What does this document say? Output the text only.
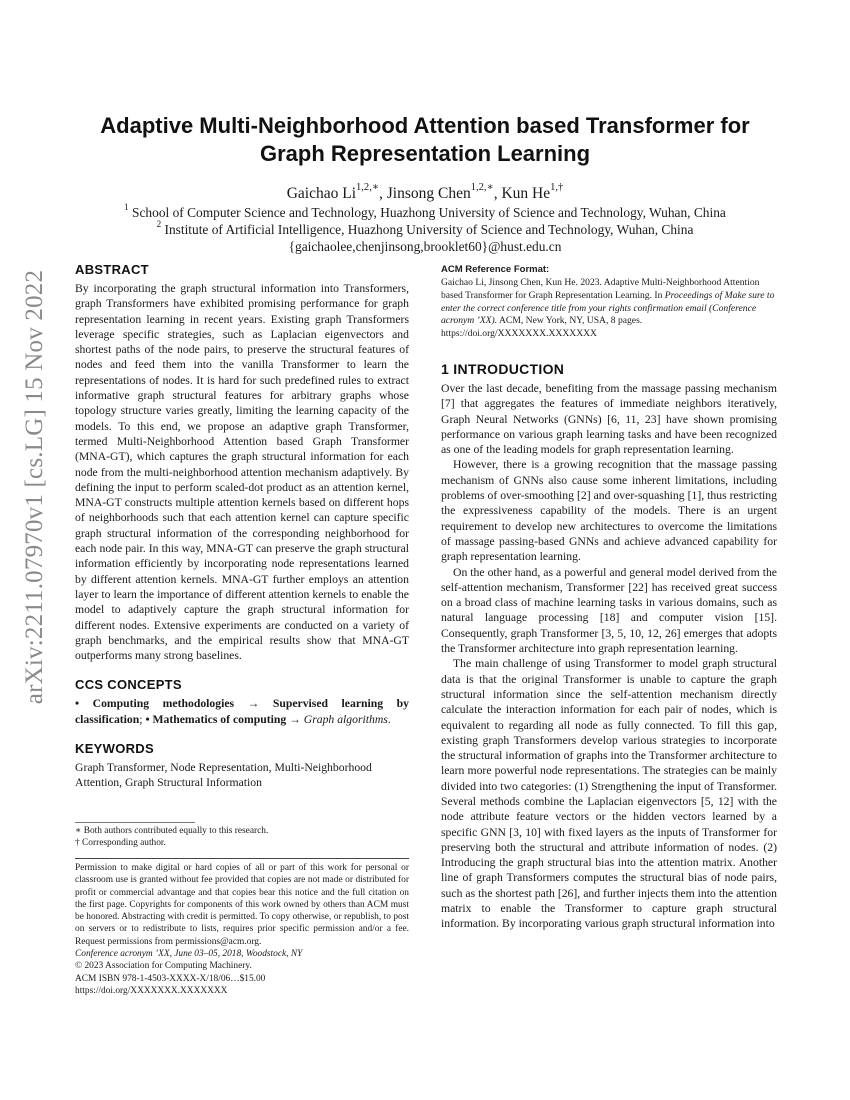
arXiv:2211.07970v1 [cs.LG] 15 Nov 2022
Adaptive Multi-Neighborhood Attention based Transformer for
Graph Representation Learning
Gaichao $Li^{1,2,∗}$, Jinsong Chen$^{1,2,∗}$, Kun $He^{1,\dagger}$
$^1$ School of Computer Science and Technology, Huazhong University of Science and Technology, Wuhan, China
$^2$ Institute of Artificial Intelligence, Huazhong University of Science and Technology, Wuhan, China
{gaichaolee,chenjinsong,brooklet60}@hust.edu.cn
ABSTRACT

By incorporating the graph structural information into Transformers, graph Transformers have exhibited promising performance for graph representation learning in recent years. Existing graph Transformers leverage specific strategies, such as Laplacian eigenvectors and shortest paths of the node pairs, to preserve the structural features of nodes and feed them into the vanilla Transformer to learn the representations of nodes. It is hard for such predefined rules to extract informative graph structural features for arbitrary graphs whose topology structure varies greatly, limiting the learning capacity of the models. To this end, we propose an adaptive graph Transformer, termed Multi-Neighborhood Attention based Graph Transformer (MNA-GT), which captures the graph structural information for each node from the multi-neighborhood attention mechanism adaptively. By defining the input to perform scaled-dot product as an attention kernel, MNA-GT constructs multiple attention kernels based on different hops of neighborhoods such that each attention kernel can capture specific graph structural information of the corresponding neighborhood for each node pair. In this way, MNA-GT can preserve the graph structural information efficiently by incorporating node representations learned by different attention kernels. MNA-GT further employs an attention layer to learn the importance of different attention kernels to enable the model to adaptively capture the graph structural information for different nodes. Extensive experiments are conducted on a variety of graph benchmarks, and the empirical results show that MNA-GT outperforms many strong baselines.

CCS CONCEPTS

• Computing methodologies → Supervised learning by classification; • Mathematics of computing → Graph algorithms.

KEYWORDS

Graph Transformer, Node Representation, Multi-Neighborhood Attention, Graph Structural Information

∗ Both authors contributed equally to this research.

† Corresponding author.

Permission to make digital or hard copies of all or part of this work for personal or classroom use is granted without fee provided that copies are not made or distributed for profit or commercial advantage and that copies bear this notice and the full citation on the first page. Copyrights for components of this work owned by others than ACM must be honored. Abstracting with credit is permitted. To copy otherwise, or republish, to post on servers or to redistribute to lists, requires prior specific permission and/or a fee. Request permissions from permissions@acm.org.

Conference acronym ’XX, June 03–05, 2018, Woodstock, NY

© 2023 Association for Computing Machinery.

ACM ISBN 978-1-4503-XXXX-X/18/06…$15.00

https://doi.org/XXXXXXX.XXXXXXX

ACM Reference Format:

Gaichao Li, Jinsong Chen, Kun He. 2023. Adaptive Multi-Neighborhood Attention based Transformer for Graph Representation Learning. In Proceedings of Make sure to enter the correct conference title from your rights confirmation email (Conference acronym ’XX). ACM, New York, NY, USA, 8 pages. https://doi.org/XXXXXXX.XXXXXXX

1 INTRODUCTION

Over the last decade, benefiting from the massage passing mechanism [7] that aggregates the features of immediate neighbors iteratively, Graph Neural Networks (GNNs) [6, 11, 23] have shown promising performance on various graph learning tasks and have been recognized as one of the leading models for graph representation learning.

However, there is a growing recognition that the massage passing mechanism of GNNs also cause some inherent limitations, including problems of over-smoothing [2] and over-squashing [1], thus restricting the expressiveness capability of the models. There is an urgent requirement to develop new architectures to overcome the limitations of massage passing-based GNNs and achieve advanced capability for graph representation learning.

On the other hand, as a powerful and general model derived from the self-attention mechanism, Transformer [22] has received great success on a broad class of machine learning tasks in various domains, such as natural language processing [18] and computer vision [15]. Consequently, graph Transformer [3, 5, 10, 12, 26] emerges that adopts the Transformer architecture into graph representation learning.

The main challenge of using Transformer to model graph structural data is that the original Transformer is unable to capture the graph structural information since the self-attention mechanism directly calculate the interaction information for each pair of nodes, which is equivalent to regarding all node as fully connected. To fill this gap, existing graph Transformers develop various strategies to incorporate the structural information of graphs into the Transformer architecture to learn more powerful node representations. The strategies can be mainly divided into two categories: (1) Strengthening the input of Transformer. Several methods combine the Laplacian eigenvectors [5, 12] with the node attribute feature vectors or the hidden vectors learned by a specific GNN [3, 10] with fixed layers as the inputs of Transformer for preserving both the structural and attribute information of nodes. (2) Introducing the graph structural bias into the attention matrix. Another line of graph Transformers computes the structural bias of node pairs, such as the shortest path [26], and further injects them into the attention matrix to enable the Transformer to capture graph structural information. By incorporating various graph structural information into
